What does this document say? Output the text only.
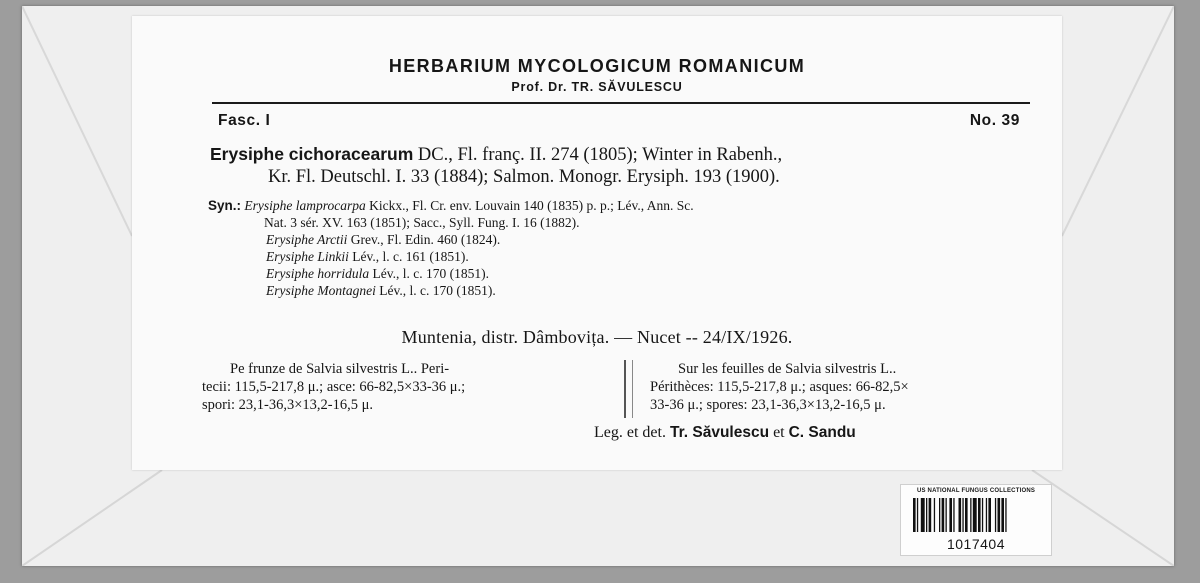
HERBARIUM MYCOLOGICUM ROMANICUM
Prof. Dr. TR. SĂVULESCU
Fasc. I	No. 39
Erysiphe cichoracearum DC., Fl. franç. II. 274 (1805); Winter in Rabenh.,
Kr. Fl. Deutschl. I. 33 (1884); Salmon. Monogr. Erysiph. 193 (1900).
Syn.: Erysiphe lamprocarpa Kickx., Fl. Cr. env. Louvain 140 (1835) p. p.; Lév., Ann. Sc.
Nat. 3 sér. XV. 163 (1851); Sacc., Syll. Fung. I. 16 (1882).
Erysiphe Arctii Grev., Fl. Edin. 460 (1824).
Erysiphe Linkii Lév., l. c. 161 (1851).
Erysiphe horridula Lév., l. c. 170 (1851).
Erysiphe Montagnei Lév., l. c. 170 (1851).
Muntenia, distr. Dâmbovița. — Nucet -- 24/IX/1926.
Pe frunze de Salvia silvestris L.. Peri-
tecii: 115,5-217,8 μ.; asce: 66-82,5×33-36 μ.;
spori: 23,1-36,3×13,2-16,5 μ.
Sur les feuilles de Salvia silvestris L..
Périthèces: 115,5-217,8 μ.; asques: 66-82,5×
33-36 μ.; spores: 23,1-36,3×13,2-16,5 μ.
Leg. et det. Tr. Săvulescu et C. Sandu
US NATIONAL FUNGUS COLLECTIONS
1017404
